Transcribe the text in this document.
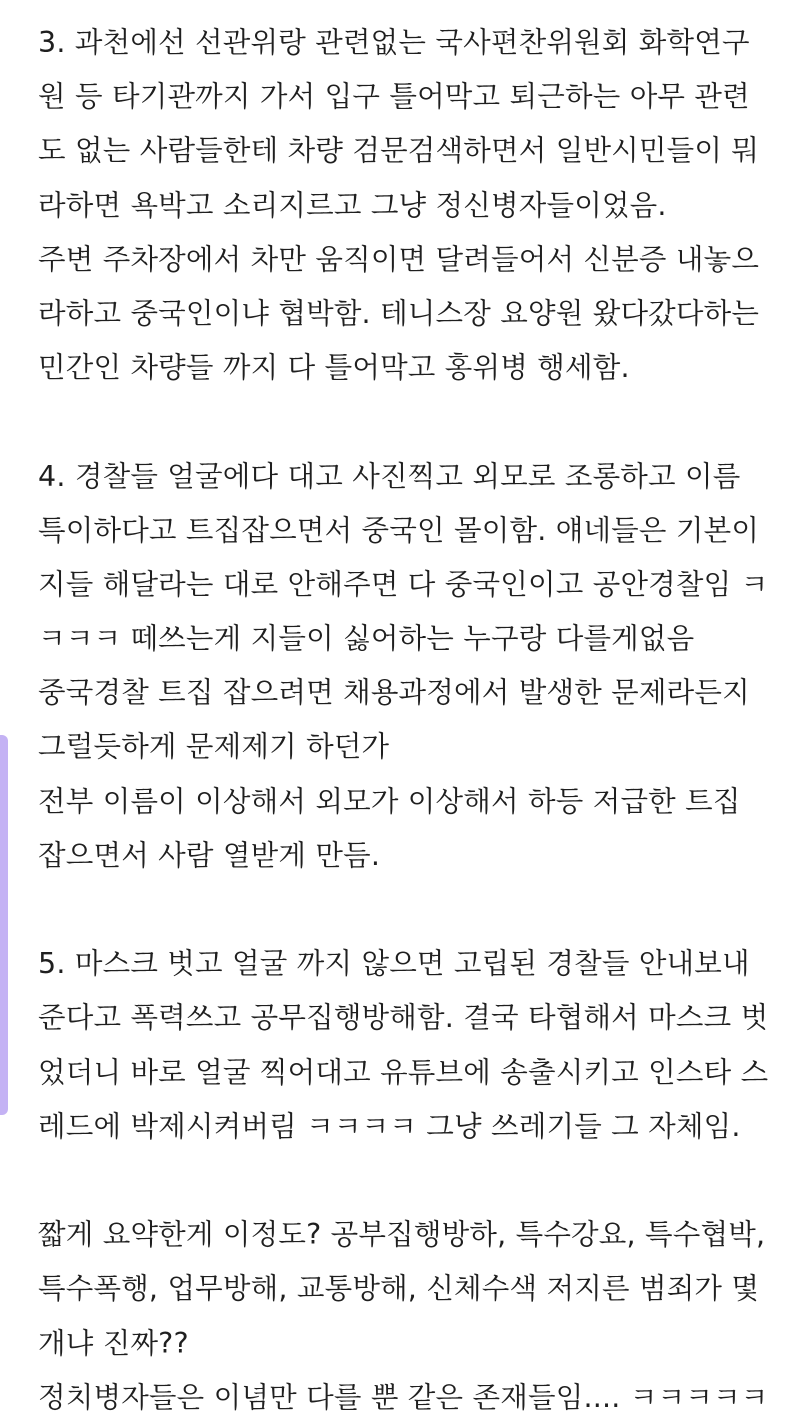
3. 과천에선 선관위랑 관련없는 국사편찬위원회 화학연구
원 등 타기관까지 가서 입구 틀어막고 퇴근하는 아무 관련
도 없는 사람들한테 차량 검문검색하면서 일반시민들이 뭐
라하면 욕박고 소리지르고 그냥 정신병자들이었음.
주변 주차장에서 차만 움직이면 달려들어서 신분증 내놓으
라하고 중국인이냐 협박함. 테니스장 요양원 왔다갔다하는
민간인 차량들 까지 다 틀어막고 홍위병 행세함.
4. 경찰들 얼굴에다 대고 사진찍고 외모로 조롱하고 이름
특이하다고 트집잡으면서 중국인 몰이함. 얘네들은 기본이
지들 해달라는 대로 안해주면 다 중국인이고 공안경찰임 ㅋ
ㅋㅋㅋ 떼쓰는게 지들이 싫어하는 누구랑 다를게없음
중국경찰 트집 잡으려면 채용과정에서 발생한 문제라든지
그럴듯하게 문제제기 하던가
전부 이름이 이상해서 외모가 이상해서 하등 저급한 트집
잡으면서 사람 열받게 만듬.
5. 마스크 벗고 얼굴 까지 않으면 고립된 경찰들 안내보내
준다고 폭력쓰고 공무집행방해함. 결국 타협해서 마스크 벗
었더니 바로 얼굴 찍어대고 유튜브에 송출시키고 인스타 스
레드에 박제시켜버림 ㅋㅋㅋㅋ 그냥 쓰레기들 그 자체임.
짧게 요약한게 이정도? 공부집행방하, 특수강요, 특수협박,
특수폭행, 업무방해, 교통방해, 신체수색 저지른 범죄가 몇
개냐 진짜??
정치병자들은 이념만 다를 뿐 같은 존재들임.... ㅋㅋㅋㅋㅋ
